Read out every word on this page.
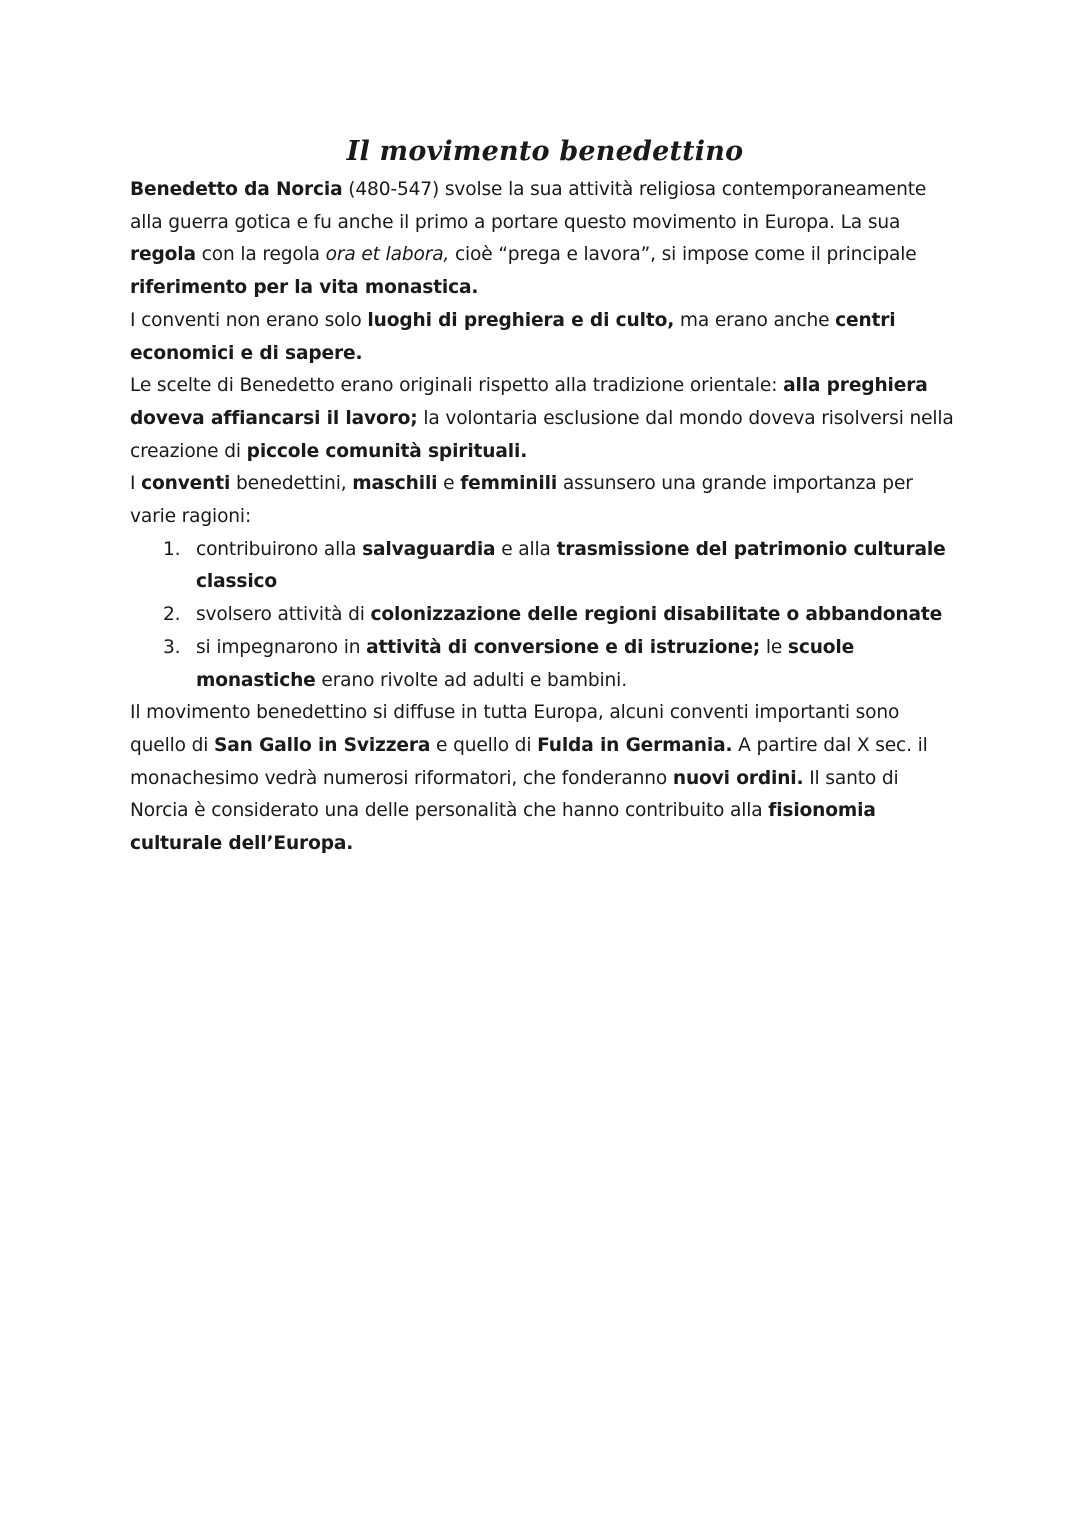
Il movimento benedettino

Benedetto da Norcia (480-547) svolse la sua attività religiosa contemporaneamente alla guerra gotica e fu anche il primo a portare questo movimento in Europa. La sua regola con la regola ora et labora, cioè “prega e lavora”, si impose come il principale riferimento per la vita monastica.

I conventi non erano solo luoghi di preghiera e di culto, ma erano anche centri economici e di sapere.

Le scelte di Benedetto erano originali rispetto alla tradizione orientale: alla preghiera doveva affiancarsi il lavoro; la volontaria esclusione dal mondo doveva risolversi nella creazione di piccole comunità spirituali.

I conventi benedettini, maschili e femminili assunsero una grande importanza per varie ragioni:

1. contribuirono alla salvaguardia e alla trasmissione del patrimonio culturale classico
2. svolsero attività di colonizzazione delle regioni disabilitate o abbandonate
3. si impegnarono in attività di conversione e di istruzione; le scuole monastiche erano rivolte ad adulti e bambini.

Il movimento benedettino si diffuse in tutta Europa, alcuni conventi importanti sono quello di San Gallo in Svizzera e quello di Fulda in Germania. A partire dal X sec. il monachesimo vedrà numerosi riformatori, che fonderanno nuovi ordini. Il santo di Norcia è considerato una delle personalità che hanno contribuito alla fisionomia culturale dell’Europa.
